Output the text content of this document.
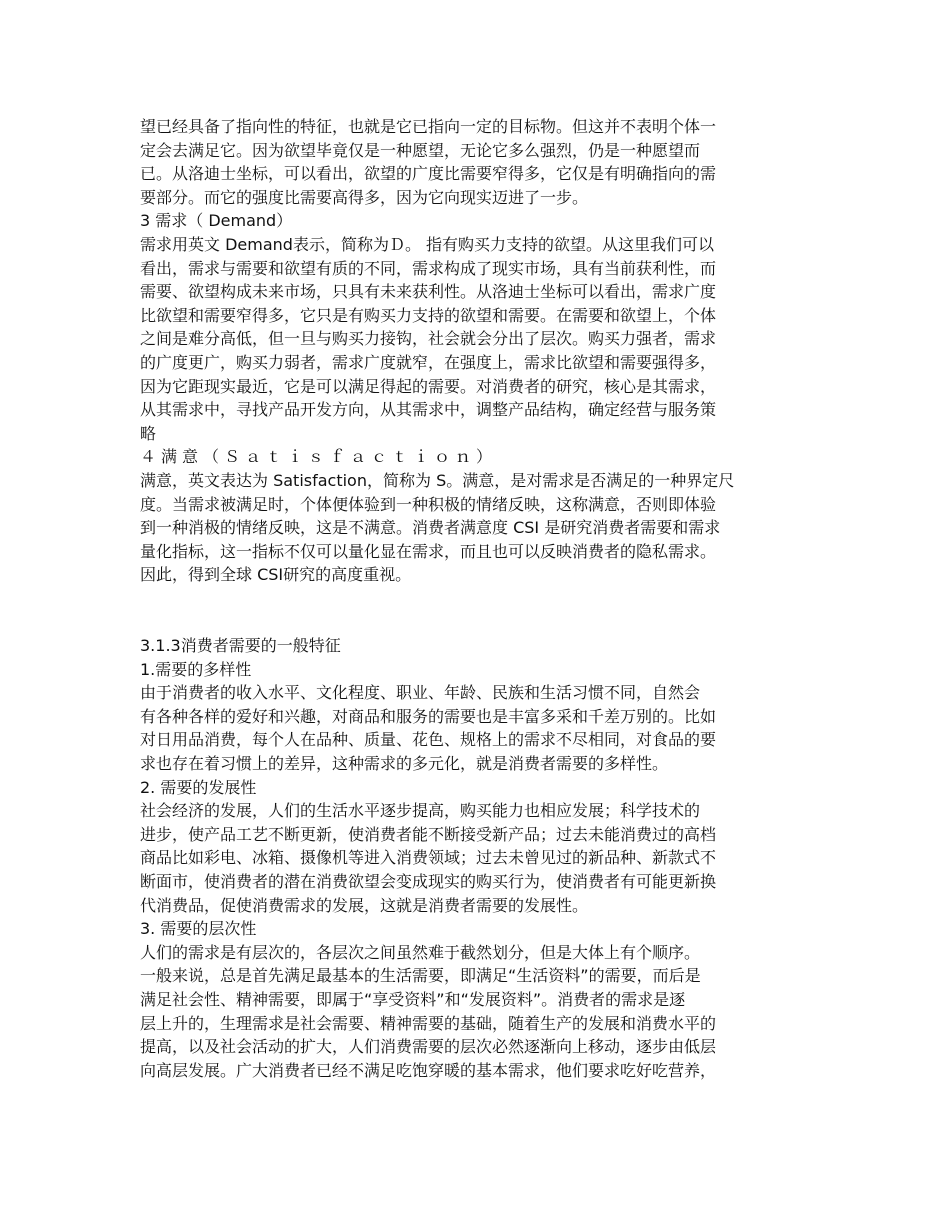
望已经具备了指向性的特征，也就是它已指向一定的目标物。但这并不表明个体一
定会去满足它。因为欲望毕竟仅是一种愿望，无论它多么强烈，仍是一种愿望而
已。从洛迪士坐标，可以看出，欲望的广度比需要窄得多，它仅是有明确指向的需
要部分。而它的强度比需要高得多，因为它向现实迈进了一步。
3 需求（ Demand）
需求用英文 Demand表示，简称为Ｄ。 指有购买力支持的欲望。从这里我们可以
看出，需求与需要和欲望有质的不同，需求构成了现实市场，具有当前获利性，而
需要、欲望构成未来市场，只具有未来获利性。从洛迪士坐标可以看出，需求广度
比欲望和需要窄得多，它只是有购买力支持的欲望和需要。在需要和欲望上，个体
之间是难分高低，但一旦与购买力接钩，社会就会分出了层次。购买力强者，需求
的广度更广，购买力弱者，需求广度就窄，在强度上，需求比欲望和需要强得多，
因为它距现实最近，它是可以满足得起的需要。对消费者的研究，核心是其需求，
从其需求中，寻找产品开发方向，从其需求中，调整产品结构，确定经营与服务策
略
４满意（Ｓａｔｉｓｆａｃｔｉｏｎ）
满意，英文表达为 Satisfaction，简称为 S。满意，是对需求是否满足的一种界定尺
度。当需求被满足时，个体便体验到一种积极的情绪反映，这称满意，否则即体验
到一种消极的情绪反映，这是不满意。消费者满意度 CSI 是研究消费者需要和需求
量化指标，这一指标不仅可以量化显在需求，而且也可以反映消费者的隐私需求。
因此，得到全球 CSI研究的高度重视。
3.1.3消费者需要的一般特征
1.需要的多样性
由于消费者的收入水平、文化程度、职业、年龄、民族和生活习惯不同，自然会
有各种各样的爱好和兴趣，对商品和服务的需要也是丰富多采和千差万别的。比如
对日用品消费，每个人在品种、质量、花色、规格上的需求不尽相同，对食品的要
求也存在着习惯上的差异，这种需求的多元化，就是消费者需要的多样性。
2. 需要的发展性
社会经济的发展，人们的生活水平逐步提高，购买能力也相应发展；科学技术的
进步，使产品工艺不断更新，使消费者能不断接受新产品；过去未能消费过的高档
商品比如彩电、冰箱、摄像机等进入消费领域；过去未曾见过的新品种、新款式不
断面市，使消费者的潜在消费欲望会变成现实的购买行为，使消费者有可能更新换
代消费品，促使消费需求的发展，这就是消费者需要的发展性。
3. 需要的层次性
人们的需求是有层次的，各层次之间虽然难于截然划分，但是大体上有个顺序。
一般来说，总是首先满足最基本的生活需要，即满足“生活资料”的需要，而后是
满足社会性、精神需要，即属于“享受资料”和“发展资料”。消费者的需求是逐
层上升的，生理需求是社会需要、精神需要的基础，随着生产的发展和消费水平的
提高，以及社会活动的扩大，人们消费需要的层次必然逐渐向上移动，逐步由低层
向高层发展。广大消费者已经不满足吃饱穿暖的基本需求，他们要求吃好吃营养，
